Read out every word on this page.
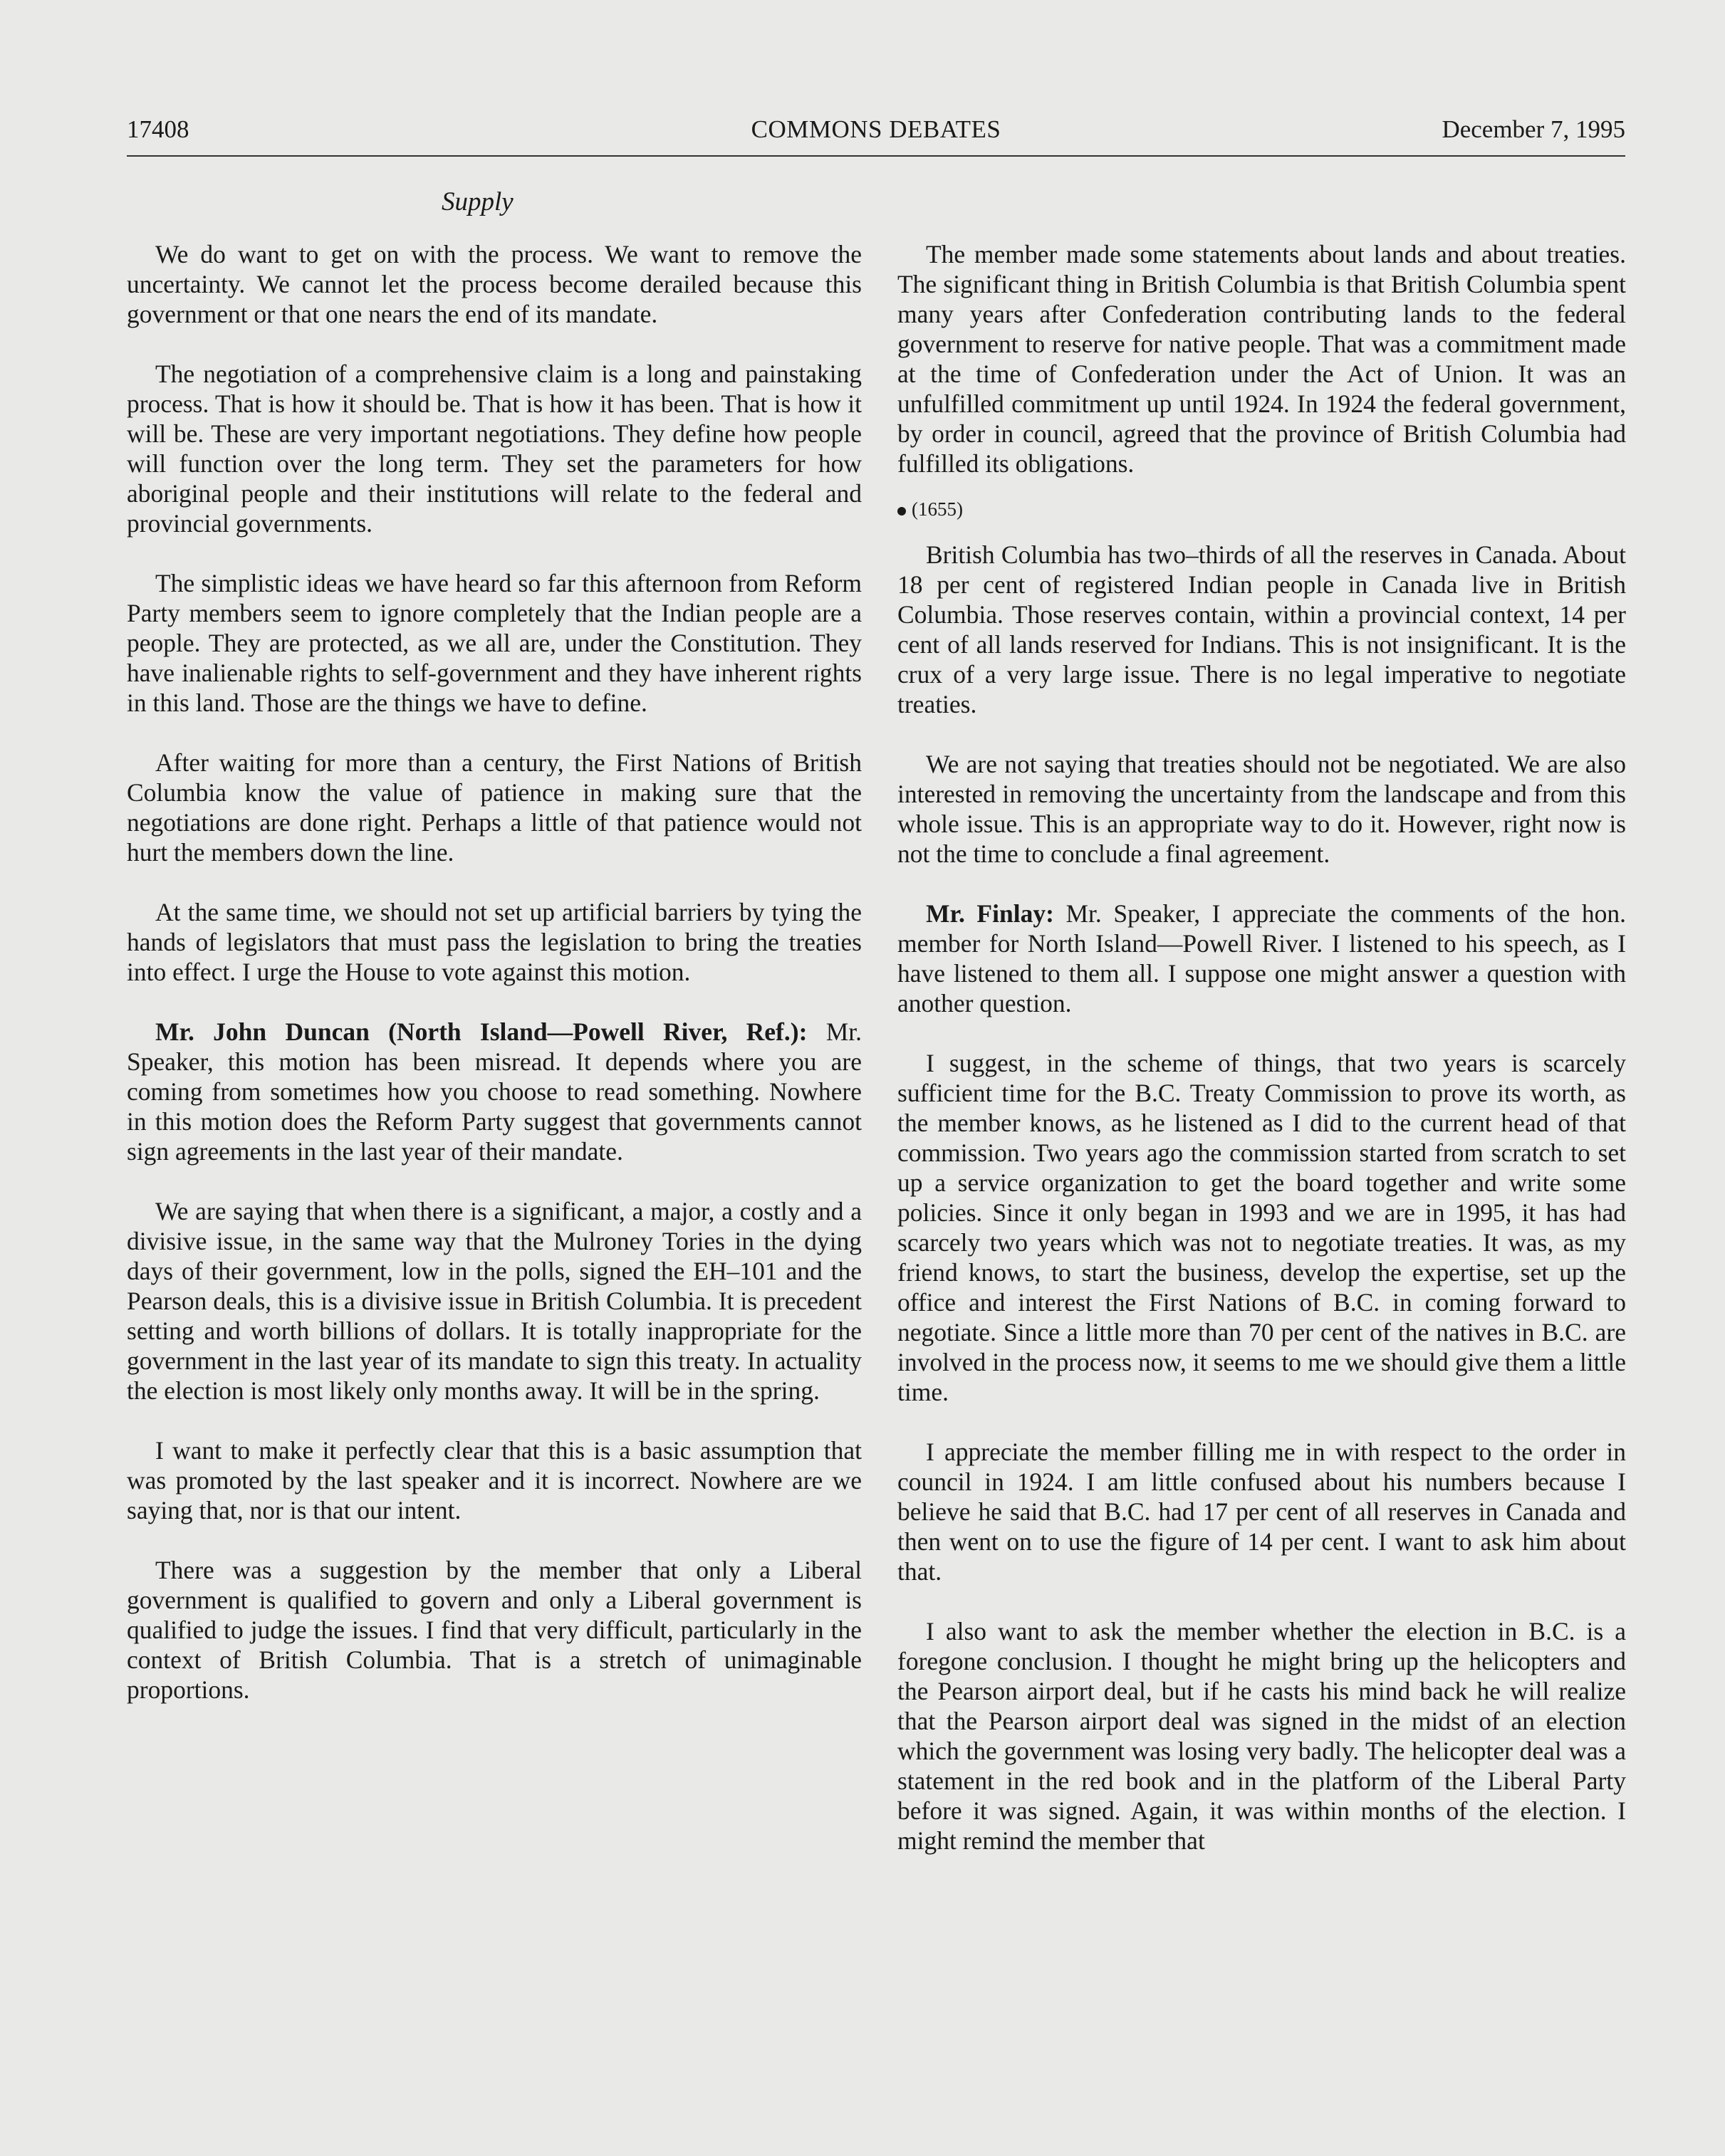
17408	COMMONS DEBATES	December 7, 1995
Supply

We do want to get on with the process. We want to remove the uncertainty. We cannot let the process become derailed because this government or that one nears the end of its mandate.

The negotiation of a comprehensive claim is a long and painstaking process. That is how it should be. That is how it has been. That is how it will be. These are very important negotiations. They define how people will function over the long term. They set the parameters for how aboriginal people and their institutions will relate to the federal and provincial governments.

The simplistic ideas we have heard so far this afternoon from Reform Party members seem to ignore completely that the Indian people are a people. They are protected, as we all are, under the Constitution. They have inalienable rights to self-government and they have inherent rights in this land. Those are the things we have to define.

After waiting for more than a century, the First Nations of British Columbia know the value of patience in making sure that the negotiations are done right. Perhaps a little of that patience would not hurt the members down the line.

At the same time, we should not set up artificial barriers by tying the hands of legislators that must pass the legislation to bring the treaties into effect. I urge the House to vote against this motion.

Mr. John Duncan (North Island—Powell River, Ref.): Mr. Speaker, this motion has been misread. It depends where you are coming from sometimes how you choose to read something. Nowhere in this motion does the Reform Party suggest that governments cannot sign agreements in the last year of their mandate.

We are saying that when there is a significant, a major, a costly and a divisive issue, in the same way that the Mulroney Tories in the dying days of their government, low in the polls, signed the EH–101 and the Pearson deals, this is a divisive issue in British Columbia. It is precedent setting and worth billions of dollars. It is totally inappropriate for the government in the last year of its mandate to sign this treaty. In actuality the election is most likely only months away. It will be in the spring.

I want to make it perfectly clear that this is a basic assumption that was promoted by the last speaker and it is incorrect. Nowhere are we saying that, nor is that our intent.

There was a suggestion by the member that only a Liberal government is qualified to govern and only a Liberal government is qualified to judge the issues. I find that very difficult, particularly in the context of British Columbia. That is a stretch of unimaginable proportions.

The member made some statements about lands and about treaties. The significant thing in British Columbia is that British Columbia spent many years after Confederation contributing lands to the federal government to reserve for native people. That was a commitment made at the time of Confederation under the Act of Union. It was an unfulfilled commitment up until 1924. In 1924 the federal government, by order in council, agreed that the province of British Columbia had fulfilled its obligations.

(1655)

British Columbia has two–thirds of all the reserves in Canada. About 18 per cent of registered Indian people in Canada live in British Columbia. Those reserves contain, within a provincial context, 14 per cent of all lands reserved for Indians. This is not insignificant. It is the crux of a very large issue. There is no legal imperative to negotiate treaties.

We are not saying that treaties should not be negotiated. We are also interested in removing the uncertainty from the landscape and from this whole issue. This is an appropriate way to do it. However, right now is not the time to conclude a final agreement.

Mr. Finlay: Mr. Speaker, I appreciate the comments of the hon. member for North Island—Powell River. I listened to his speech, as I have listened to them all. I suppose one might answer a question with another question.

I suggest, in the scheme of things, that two years is scarcely sufficient time for the B.C. Treaty Commission to prove its worth, as the member knows, as he listened as I did to the current head of that commission. Two years ago the commission started from scratch to set up a service organization to get the board together and write some policies. Since it only began in 1993 and we are in 1995, it has had scarcely two years which was not to negotiate treaties. It was, as my friend knows, to start the business, develop the expertise, set up the office and interest the First Nations of B.C. in coming forward to negotiate. Since a little more than 70 per cent of the natives in B.C. are involved in the process now, it seems to me we should give them a little time.

I appreciate the member filling me in with respect to the order in council in 1924. I am little confused about his numbers because I believe he said that B.C. had 17 per cent of all reserves in Canada and then went on to use the figure of 14 per cent. I want to ask him about that.

I also want to ask the member whether the election in B.C. is a foregone conclusion. I thought he might bring up the helicopters and the Pearson airport deal, but if he casts his mind back he will realize that the Pearson airport deal was signed in the midst of an election which the government was losing very badly. The helicopter deal was a statement in the red book and in the platform of the Liberal Party before it was signed. Again, it was within months of the election. I might remind the member that
